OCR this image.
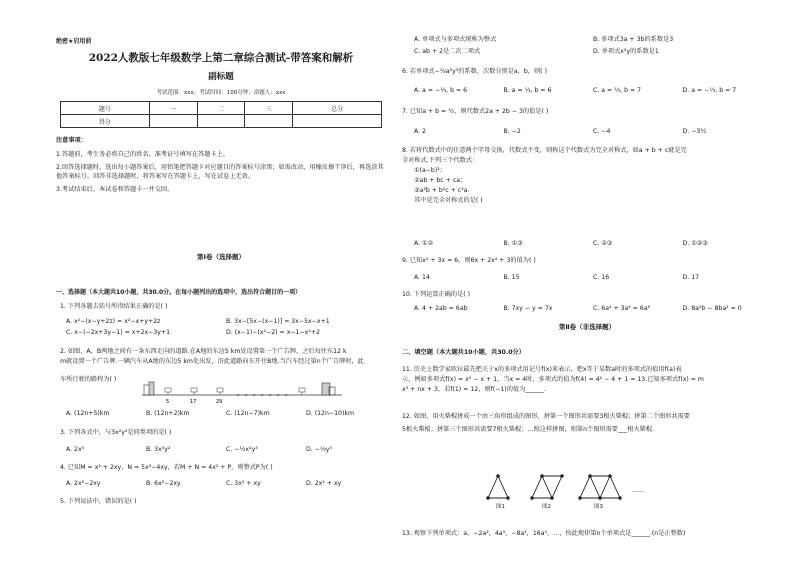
绝密★启用前
2022人教版七年级数学上第二章综合测试-带答案和解析
副标题
考试范围：xxx；考试时间：100分钟；命题人：xxx
题号	一	二	三	总分
得分				
注意事项：

1.答题前，考生务必将自己的姓名、准考证号填写在答题卡上。

2.回答选择题时，选出每小题答案后，用铅笔把答题卡对应题目的答案标号涂黑；如需改动，用橡皮擦干净后，再选涂其他答案标号。回答非选择题时，将答案写在答题卡上，写在试卷上无效。

3.考试结束后，本试卷和答题卡一并交回。

第Ⅰ卷（选择题）
一、选择题（本大题共10小题，共30.0分。在每小题列出的选项中，选出符合题目的一项）
1. 下列各题去括号所得结果正确的是( )
A. x²−(x−y+2z) = x²−x+y+2z	B. 3x−[5x−(x−1)] = 3x−5x−x+1
C. x−(−2x+3y−1) = x+2x−3y+1	D. (x−1)−(x²−2) = x−1−x²+2
2. 如图，A，B两地之间有一条东西走向的道路.在A地的东边5 km处设置第一个广告牌，之后每往东12 k
m就设置一个广告牌.一辆汽车从A地的东边5 km处出发，沿此道路向东开往B地.当汽车经过第n个广告牌时，此
车所行驶的路程为( )
5	17	29
A. (12n+5)km	B. (12n+2)km	C. (12n−7)km	D. (12n−10)km
3. 下列各式中，与3x²y³是同类项的是( )
A. 2x⁵	B. 3x³y²	C. −½x²y³	D. −⅓y⁵
4. 已知M = x² + 2xy，N = 5x²−4xy，若M + N = 4x² + P，则整式P为( )
A. 2x²−2xy	B. 6x²−2xy	C. 3x² + xy	D. 2x² + xy
5. 下列说法中，错误的是( )
A. 单项式与多项式统称为整式	B. 多项式3a + 3b的系数是3
C. ab + 2是二次二项式	D. 单项式x²y的系数是1
6. 若单项式−⅓a²y³的系数、次数分别是a，b，则( )
A. a = −⅓, b = 6	B. a = ⅓, b = 6	C. a = ⅓, b = 7	D. a = −⅓, b = 7
7. 已知a + b = ½，则代数式2a + 2b − 3的值是( )
A. 2	B. −2	C. −4	D. −3½
8. 若将代数式中的任意两个字母交换，代数式不变，则称这个代数式为完全对称式，如a + b + c就是完
全对称式.下列三个代数式：
①(a−b)²；
②ab + bc + ca；
③a²b + b²c + c²a.
其中是完全对称式的是( )
A. ①②	B. ①③	C. ②③	D. ①②③
9. 已知x² + 3x = 6，则6x + 2x² + 3的值为( )
A. 14	B. 15	C. 16	D. 17
10. 下列运算正确的是( )
A. 4 + 2ab = 6ab	B. 7xy − y = 7x	C. 6a⁴ + 3a⁴ = 6a⁸	D. 8a²b − 8ba² = 0
第Ⅱ卷（非选择题）
二、填空题（本大题共10小题，共30.0分）
11. 历史上数学家欧拉最先把关于x的多项式用记号f(x)来表示，把x等于某数a时的多项式的值用f(a)表
示，例如多项式f(x) = x² − x + 1，当x = 4时，多项式的值为f(4) = 4² − 4 + 1 = 13.已知多项式f(x) = m
x³ + nx + 3，若f(1) = 12，则f(−1)的值为______.
12. 如图，用火柴棍拼成一个由三角形组成的图形，拼第一个图形共需要3根火柴棍；拼第二个图形共需要
5根火柴棍；拼第三个图形共需要7根火柴棍；…照这样拼图，则第n个图形需要___根火柴棍.
……
图1	图2	图3
13. 观察下列单项式：a，−2a²，4a³，−8a⁴，16a⁵，…，按此规律第n个单项式是______.(n是正整数)
